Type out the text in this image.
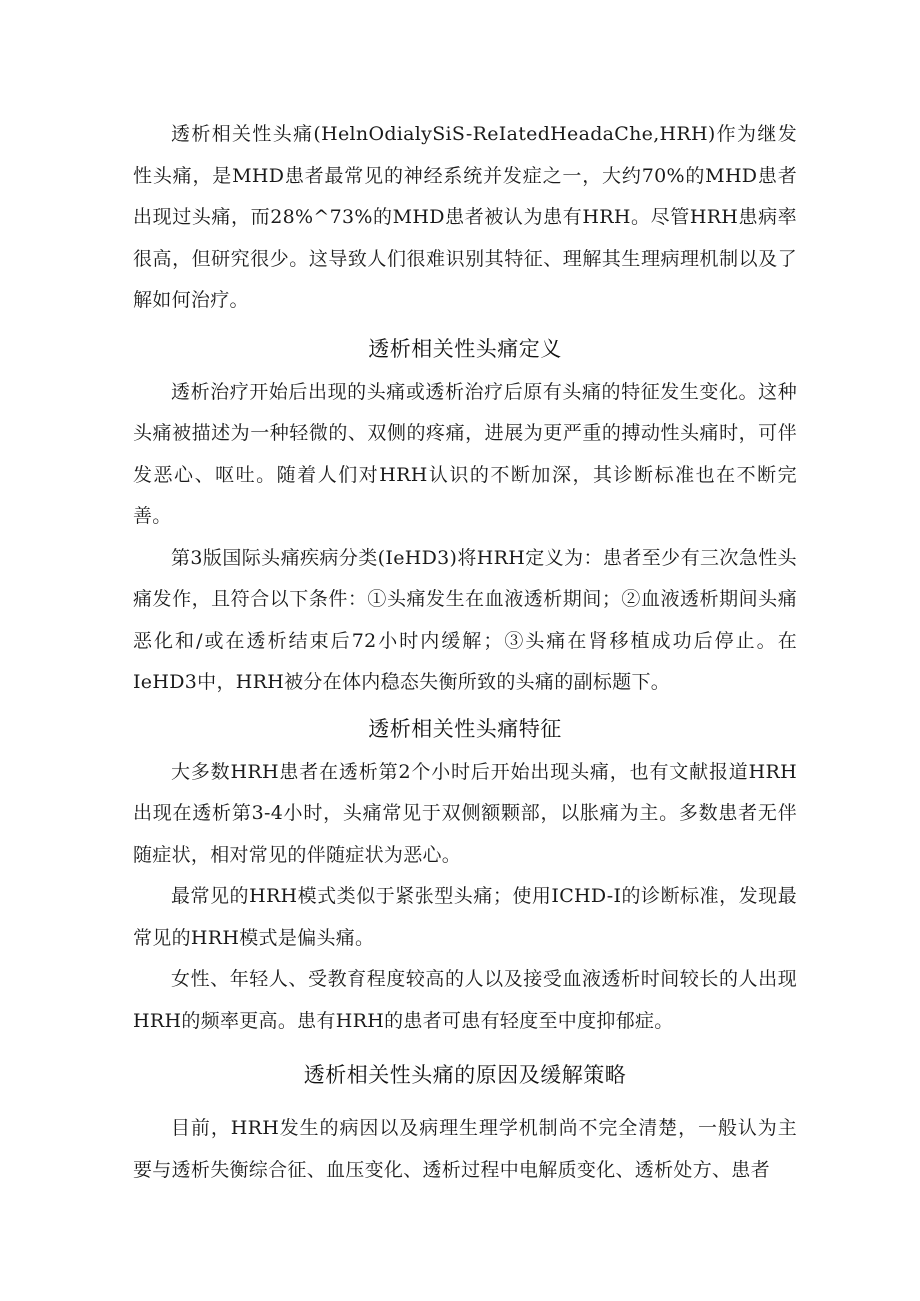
透析相关性头痛(HelnOdialySiS-ReIatedHeadaChe,HRH)作为继发性头痛，是MHD患者最常见的神经系统并发症之一，大约70%的MHD患者出现过头痛，而28%^73%的MHD患者被认为患有HRH。尽管HRH患病率很高，但研究很少。这导致人们很难识别其特征、理解其生理病理机制以及了解如何治疗。

透析相关性头痛定义

透析治疗开始后出现的头痛或透析治疗后原有头痛的特征发生变化。这种头痛被描述为一种轻微的、双侧的疼痛，进展为更严重的搏动性头痛时，可伴发恶心、呕吐。随着人们对HRH认识的不断加深，其诊断标准也在不断完善。

第3版国际头痛疾病分类(IeHD3)将HRH定义为：患者至少有三次急性头痛发作，且符合以下条件：①头痛发生在血液透析期间；②血液透析期间头痛恶化和/或在透析结束后72小时内缓解；③头痛在肾移植成功后停止。在IeHD3中，HRH被分在体内稳态失衡所致的头痛的副标题下。

透析相关性头痛特征

大多数HRH患者在透析第2个小时后开始出现头痛，也有文献报道HRH出现在透析第3-4小时，头痛常见于双侧额颗部，以胀痛为主。多数患者无伴随症状，相对常见的伴随症状为恶心。

最常见的HRH模式类似于紧张型头痛；使用ICHD-I的诊断标准，发现最常见的HRH模式是偏头痛。

女性、年轻人、受教育程度较高的人以及接受血液透析时间较长的人出现HRH的频率更高。患有HRH的患者可患有轻度至中度抑郁症。

透析相关性头痛的原因及缓解策略

目前，HRH发生的病因以及病理生理学机制尚不完全清楚，一般认为主要与透析失衡综合征、血压变化、透析过程中电解质变化、透析处方、患者
